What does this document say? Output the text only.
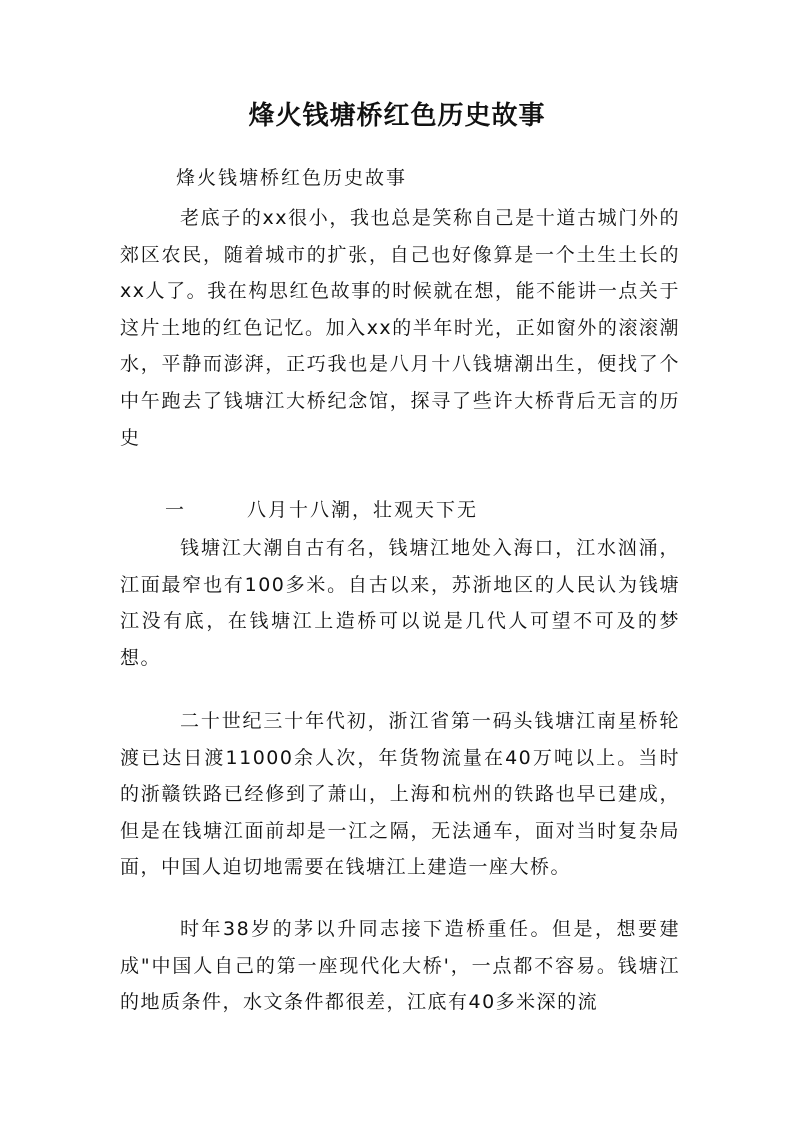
烽火钱塘桥红色历史故事

烽火钱塘桥红色历史故事

老底子的xx很小，我也总是笑称自己是十道古城门外的郊区农民，随着城市的扩张，自己也好像算是一个土生土长的xx人了。我在构思红色故事的时候就在想，能不能讲一点关于这片土地的红色记忆。加入xx的半年时光，正如窗外的滚滚潮水，平静而澎湃，正巧我也是八月十八钱塘潮出生，便找了个中午跑去了钱塘江大桥纪念馆，探寻了些许大桥背后无言的历史

一	八月十八潮，壮观天下无

钱塘江大潮自古有名，钱塘江地处入海口，江水汹涌，江面最窄也有100多米。自古以来，苏浙地区的人民认为钱塘江没有底，在钱塘江上造桥可以说是几代人可望不可及的梦想。

二十世纪三十年代初，浙江省第一码头钱塘江南星桥轮渡已达日渡11000余人次，年货物流量在40万吨以上。当时的浙赣铁路已经修到了萧山，上海和杭州的铁路也早已建成，但是在钱塘江面前却是一江之隔，无法通车，面对当时复杂局面，中国人迫切地需要在钱塘江上建造一座大桥。

时年38岁的茅以升同志接下造桥重任。但是，想要建成"中国人自己的第一座现代化大桥'，一点都不容易。钱塘江的地质条件，水文条件都很差，江底有40多米深的流
